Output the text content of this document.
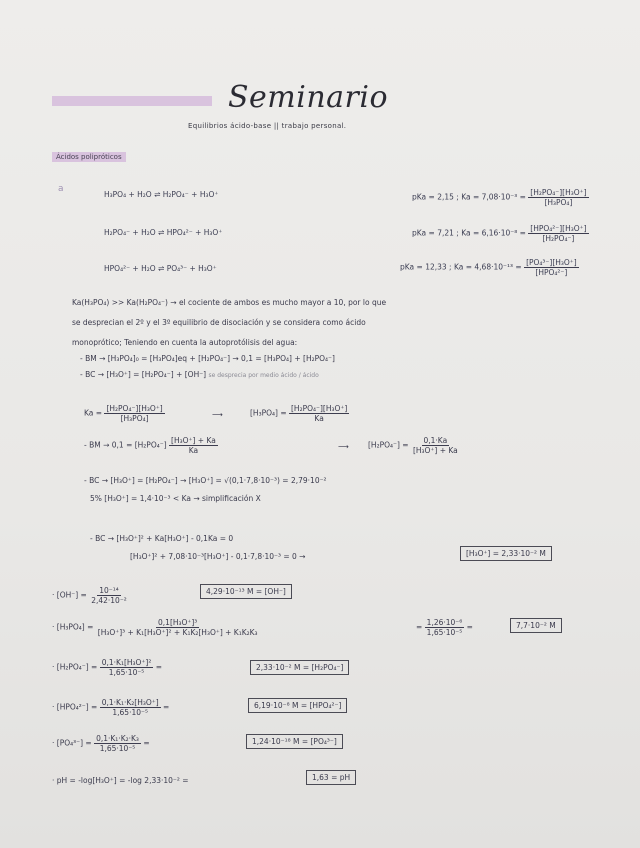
Seminario
Equilibrios ácido-base || trabajo personal.
Ácidos polipróticos
a
H₃PO₄ + H₂O ⇌ H₂PO₄⁻ + H₃O⁺	pKa = 2,15 ; $Ka = 7,08\cdot 10^{-3} = \frac{\text{[H₂PO₄⁻][H₃O⁺]}}{\text{[H₃PO₄]}}$
H₂PO₄⁻ + H₂O ⇌ HPO₄²⁻ + H₃O⁺	pKa = 7,21 ; $Ka = 6,16\cdot 10^{-8} = \frac{\text{[HPO₄²⁻][H₃O⁺]}}{\text{[H₂PO₄⁻]}}$
HPO₄²⁻ + H₂O ⇌ PO₄³⁻ + H₃O⁺	pKa = 12,33 ; $Ka = 4,68\cdot 10^{-13} = \frac{\text{[PO₄³⁻][H₃O⁺]}}{\text{[HPO₄²⁻]}}$
Ka(H₃PO₄) >> Ka(H₂PO₄⁻) → el cociente de ambos es mucho mayor a 10, por lo que
se desprecian el 2º y el 3º equilibrio de disociación y se considera como ácido
monoprótico; Teniendo en cuenta la autoprotólisis del agua:
- BM → [H₃PO₄]₀ = [H₃PO₄]eq + [H₂PO₄⁻] → 0,1 = [H₃PO₄] + [H₂PO₄⁻]
- BC → [H₃O⁺] = [H₂PO₄⁻] + [OH⁻] se desprecia por medio ácido / ácido
$Ka = \frac{\text{[H₂PO₄⁻][H₃O⁺]}}{\text{[H₃PO₄]}}$	⟶	$[H_3PO_4] = \frac{\text{[H₂PO₄⁻][H₃O⁺]}}{Ka}$
- BM → $0,1 = [H_2PO_4^-] \frac{\text{[H₃O⁺] + Ka}}{Ka}$	⟶	$[H_2PO_4^-] = \frac{0,1\cdot Ka}{\text{[H₃O⁺] + Ka}}$
- BC → [H₃O⁺] = [H₂PO₄⁻] → [H₃O⁺] = √(0,1·7,8·10⁻³) = 2,79·10⁻²
5% [H₃O⁺] = 1,4·10⁻³ < Ka → simplificación X
- BC → [H₃O⁺]² + Ka[H₃O⁺] - 0,1Ka = 0
[H₃O⁺]² + 7,08·10⁻³[H₃O⁺] - 0,1·7,8·10⁻³ = 0 →	[H₃O⁺] = 2,33·10⁻² M
· $[OH^-] = \frac{\text{10⁻¹⁴}}{\text{2,42·10⁻²}}$	4,29·10⁻¹³ M = [OH⁻]
· $[H_3PO_4] = \frac{\text{0,1[H₃O⁺]³}}{\text{[H₃O⁺]³ + K₁[H₃O⁺]² + K₁K₂[H₃O⁺] + K₁K₂K₃}}$	= $\frac{\text{1,26·10⁻⁶}}{\text{1,65·10⁻⁵}}$ =	7,7·10⁻² M
· $[H_2PO_4^-] = \frac{\text{0,1·K₁[H₃O⁺]²}}{\text{1,65·10⁻⁵}}$ =	2,33·10⁻² M = [H₂PO₄⁻]
· $[HPO_4^{2-}] = \frac{\text{0,1·K₁·K₂[H₃O⁺]}}{\text{1,65·10⁻⁵}}$ =	6,19·10⁻⁸ M = [HPO₄²⁻]
· $[PO_4^{3-}] = \frac{\text{0,1·K₁·K₂·K₃}}{\text{1,65·10⁻⁵}}$ =	1,24·10⁻¹⁸ M = [PO₄³⁻]
· pH = -log[H₃O⁺] = -log 2,33·10⁻² =	1,63 = pH
